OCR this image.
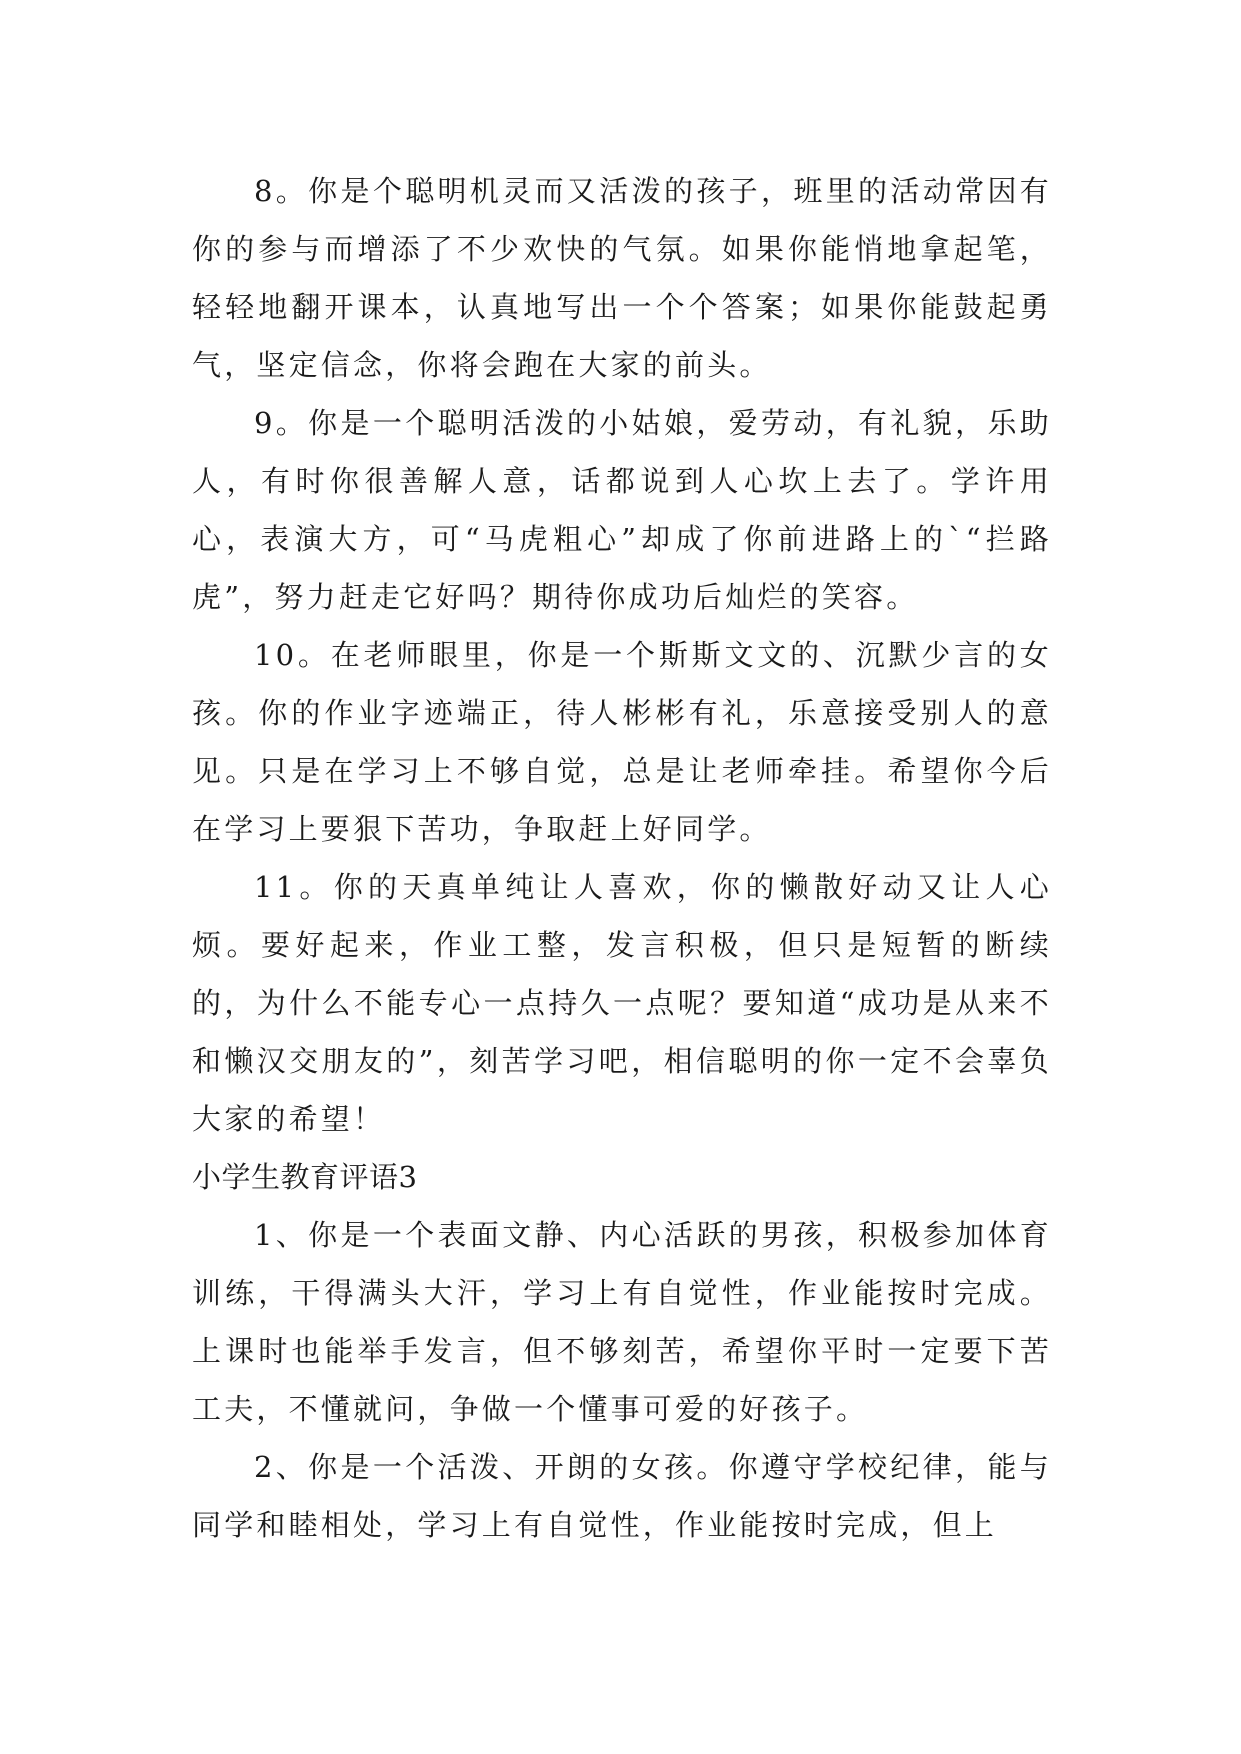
8。你是个聪明机灵而又活泼的孩子，班里的活动常因有你的参与而增添了不少欢快的气氛。如果你能悄地拿起笔，轻轻地翻开课本，认真地写出一个个答案；如果你能鼓起勇气，坚定信念，你将会跑在大家的前头。

9。你是一个聪明活泼的小姑娘，爱劳动，有礼貌，乐助人，有时你很善解人意，话都说到人心坎上去了。学许用心，表演大方，可“马虎粗心”却成了你前进路上的`“拦路虎”，努力赶走它好吗？期待你成功后灿烂的笑容。

10。在老师眼里，你是一个斯斯文文的、沉默少言的女孩。你的作业字迹端正，待人彬彬有礼，乐意接受别人的意见。只是在学习上不够自觉，总是让老师牵挂。希望你今后在学习上要狠下苦功，争取赶上好同学。

11。你的天真单纯让人喜欢，你的懒散好动又让人心烦。要好起来，作业工整，发言积极，但只是短暂的断续的，为什么不能专心一点持久一点呢？要知道“成功是从来不和懒汉交朋友的”，刻苦学习吧，相信聪明的你一定不会辜负大家的希望！

小学生教育评语3

1、你是一个表面文静、内心活跃的男孩，积极参加体育训练，干得满头大汗，学习上有自觉性，作业能按时完成。上课时也能举手发言，但不够刻苦，希望你平时一定要下苦工夫，不懂就问，争做一个懂事可爱的好孩子。

2、你是一个活泼、开朗的女孩。你遵守学校纪律，能与同学和睦相处，学习上有自觉性，作业能按时完成，但上
